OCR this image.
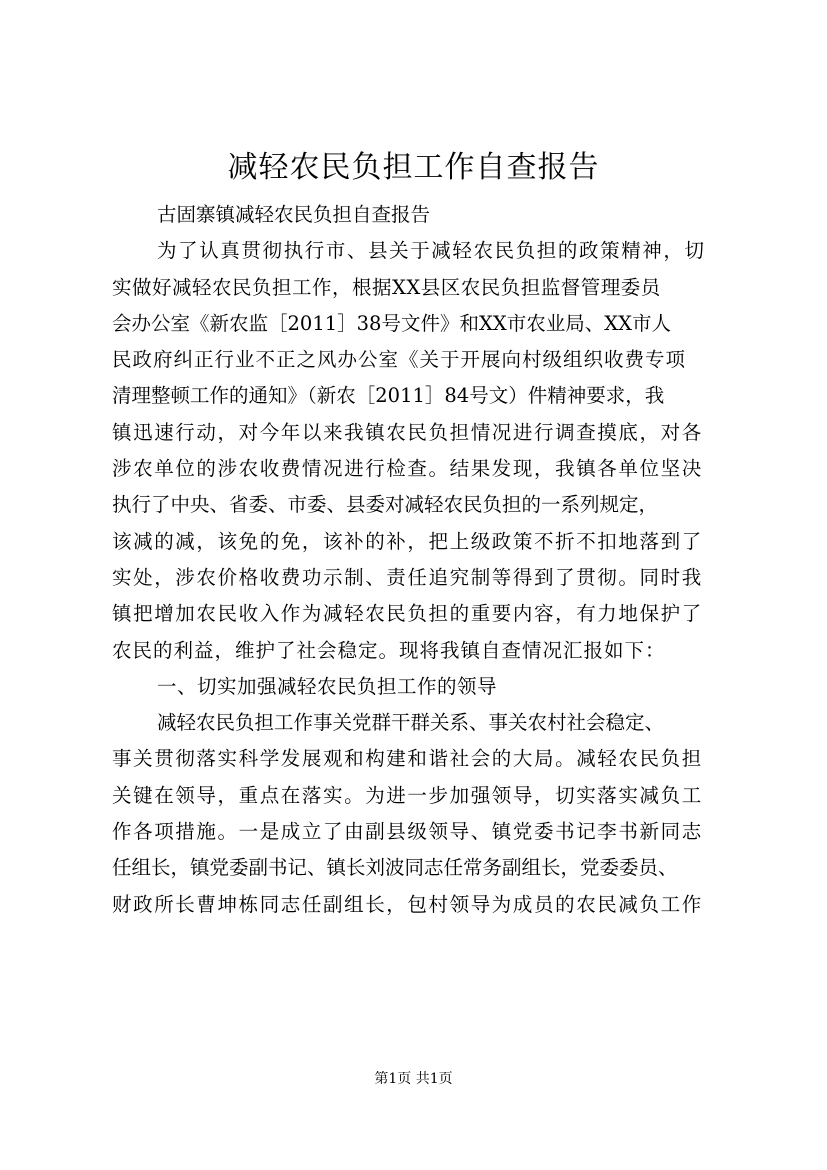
减轻农民负担工作自查报告
古固寨镇减轻农民负担自查报告
为了认真贯彻执行市、县关于减轻农民负担的政策精神，切
实做好减轻农民负担工作，根据XX县区农民负担监督管理委员
会办公室《新农监［2011］38号文件》和XX市农业局、XX市人
民政府纠正行业不正之风办公室《关于开展向村级组织收费专项
清理整顿工作的通知》（新农［2011］84号文）件精神要求，我
镇迅速行动，对今年以来我镇农民负担情况进行调查摸底，对各
涉农单位的涉农收费情况进行检查。结果发现，我镇各单位坚决
执行了中央、省委、市委、县委对减轻农民负担的一系列规定，
该减的减，该免的免，该补的补，把上级政策不折不扣地落到了
实处，涉农价格收费功示制、责任追究制等得到了贯彻。同时我
镇把增加农民收入作为减轻农民负担的重要内容，有力地保护了
农民的利益，维护了社会稳定。现将我镇自查情况汇报如下：
一、切实加强减轻农民负担工作的领导
减轻农民负担工作事关党群干群关系、事关农村社会稳定、
事关贯彻落实科学发展观和构建和谐社会的大局。减轻农民负担
关键在领导，重点在落实。为进一步加强领导，切实落实减负工
作各项措施。一是成立了由副县级领导、镇党委书记李书新同志
任组长，镇党委副书记、镇长刘波同志任常务副组长，党委委员、
财政所长曹坤栋同志任副组长，包村领导为成员的农民减负工作
第1页 共1页
